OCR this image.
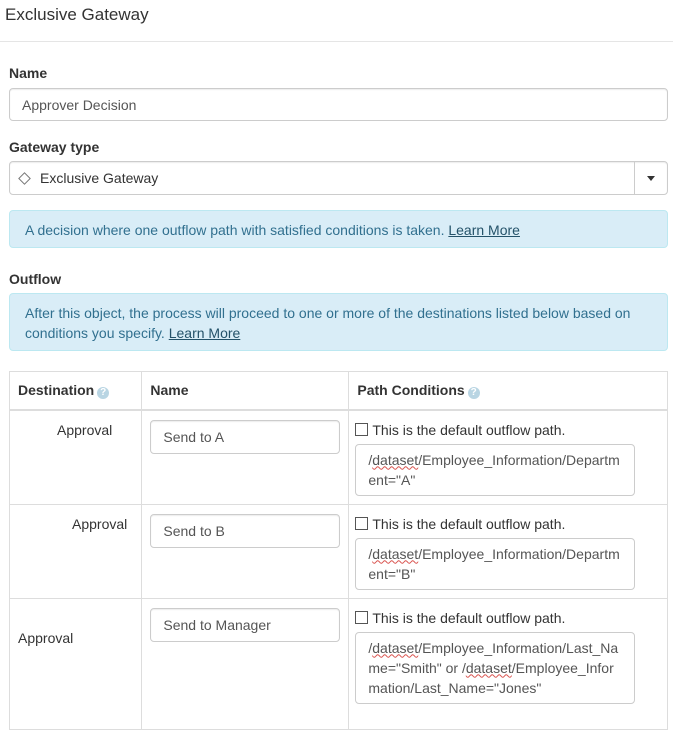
Exclusive Gateway
Name
Approver Decision
Gateway type
Exclusive Gateway
A decision where one outflow path with satisfied conditions is taken. Learn More
Outflow
After this object, the process will proceed to one or more of the destinations listed below based on conditions you specify. Learn More
Destination ?	Name	Path Conditions ?

Approval	Send to A	This is the default outflow path.
/dataset/Employee_Information/Department="A"

Approval	Send to B	This is the default outflow path.
/dataset/Employee_Information/Department="B"

Approval	Send to Manager	This is the default outflow path.
/dataset/Employee_Information/Last_Name="Smith" or /dataset/Employee_Information/Last_Name="Jones"
